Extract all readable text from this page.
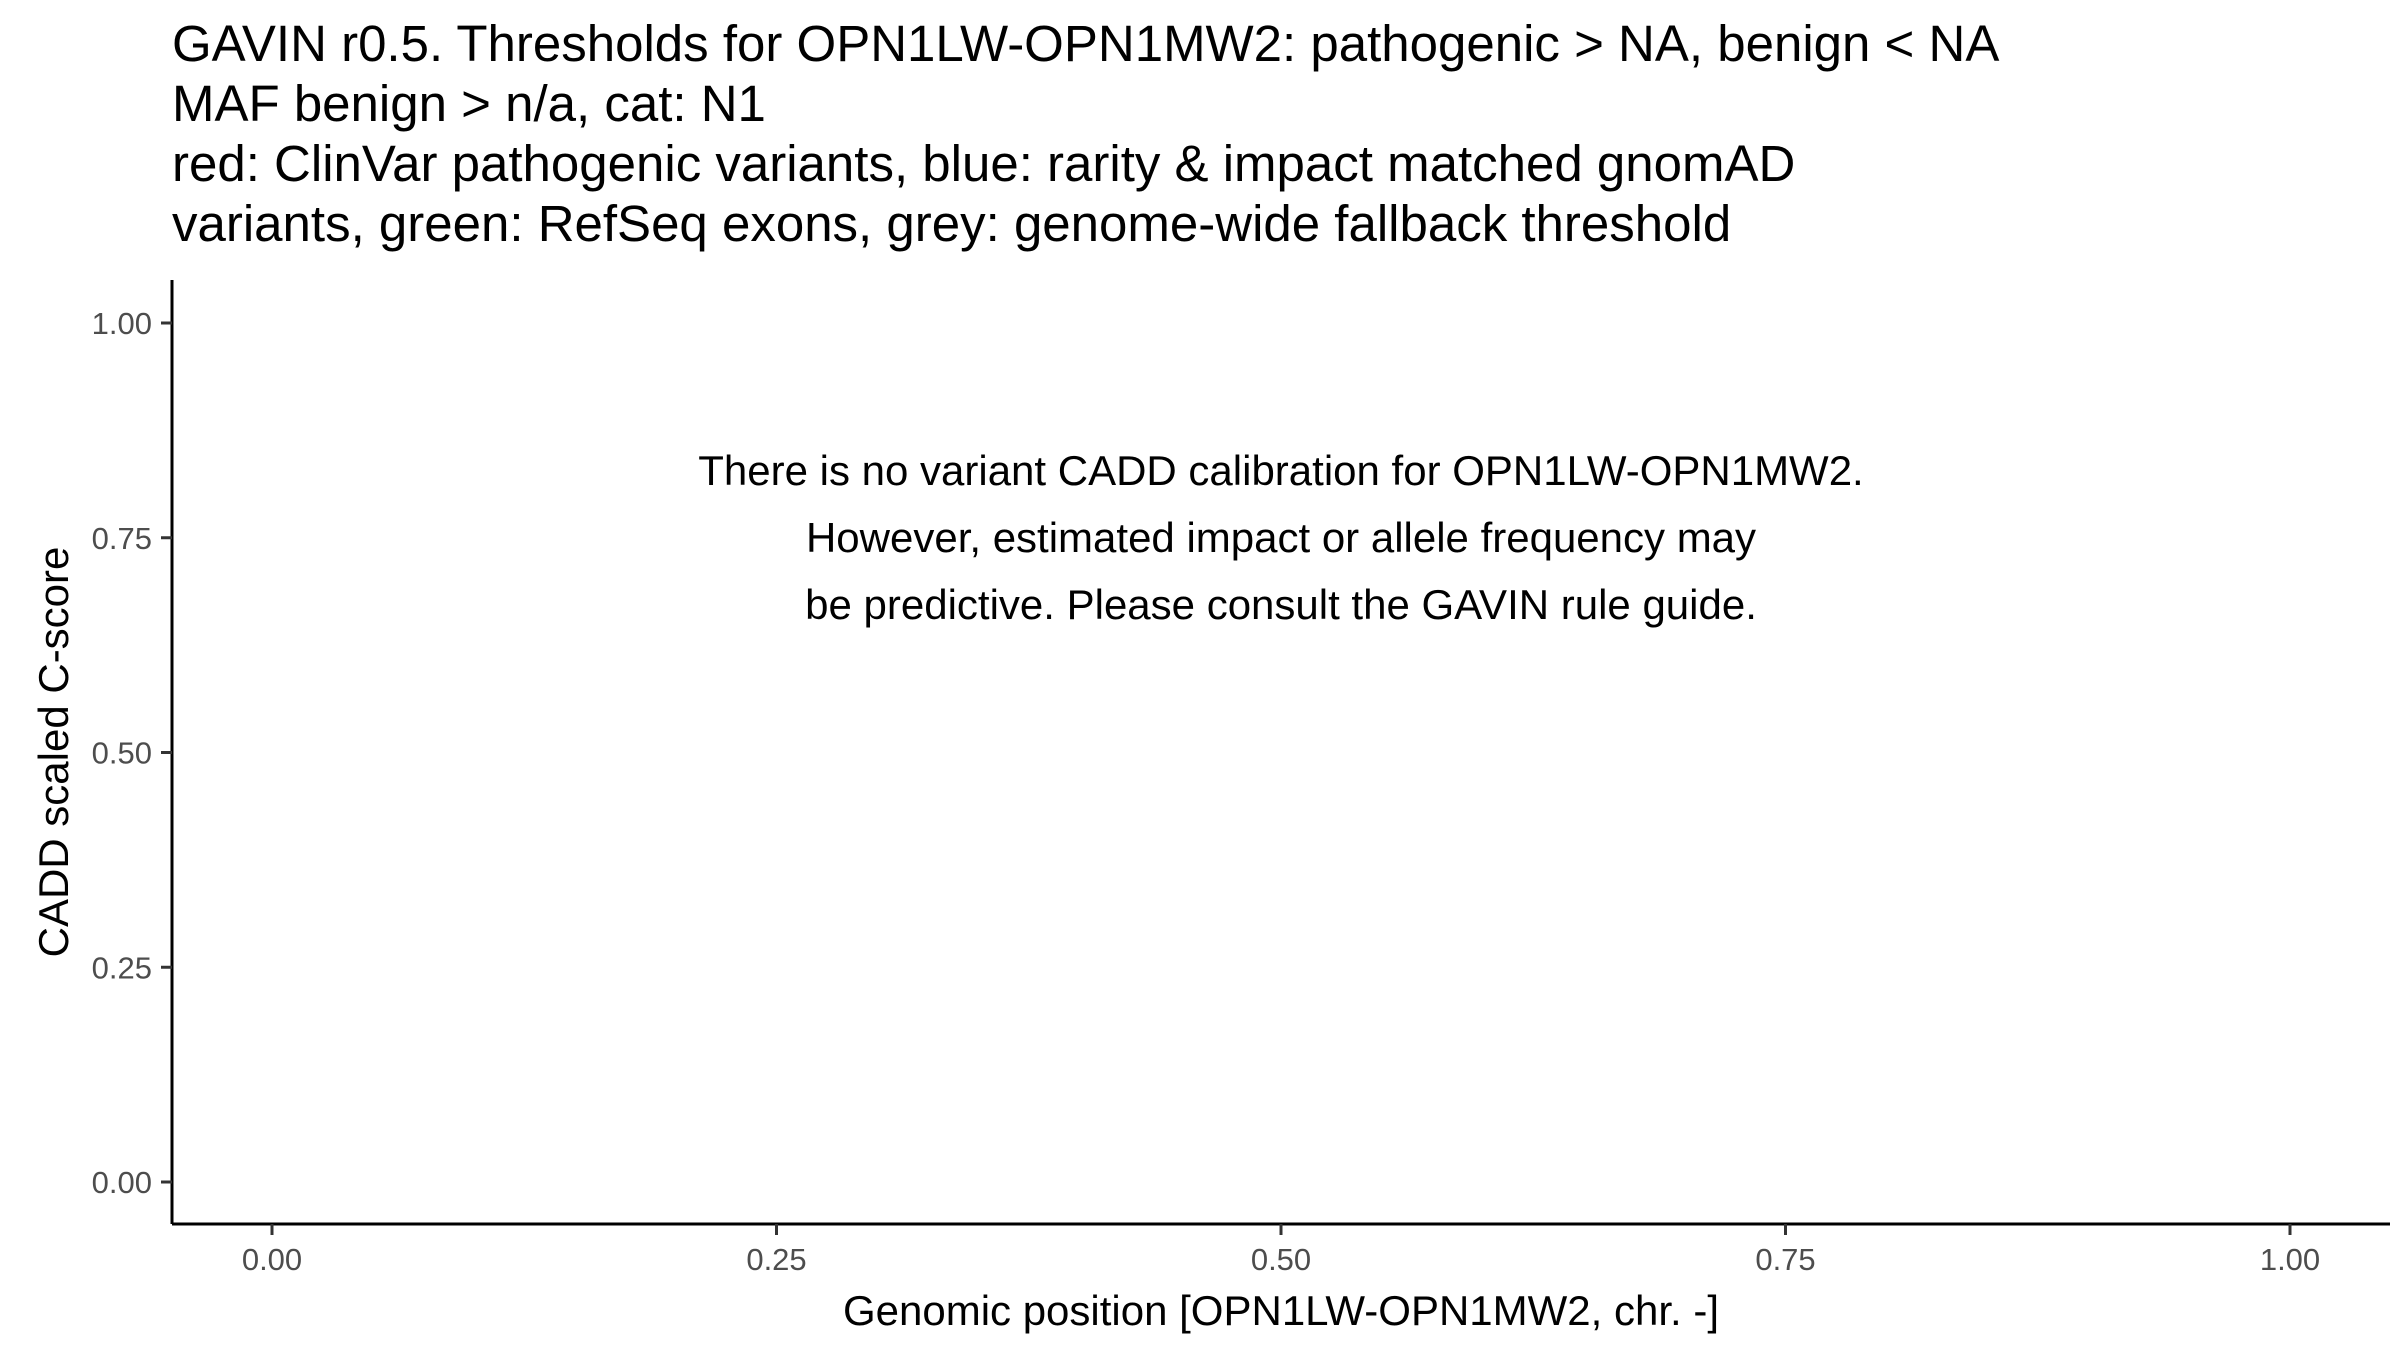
GAVIN r0.5. Thresholds for OPN1LW-OPN1MW2: pathogenic > NA, benign < NA
MAF benign > n/a, cat: N1
red: ClinVar pathogenic variants, blue: rarity & impact matched gnomAD
variants, green: RefSeq exons, grey: genome-wide fallback threshold
0.00	0.25	0.50	0.75	1.00
0.00
0.25
0.50
0.75
1.00
There is no variant CADD calibration for OPN1LW-OPN1MW2.
However, estimated impact or allele frequency may
be predictive. Please consult the GAVIN rule guide.
Genomic position [OPN1LW-OPN1MW2, chr. -]
CADD scaled C-score
